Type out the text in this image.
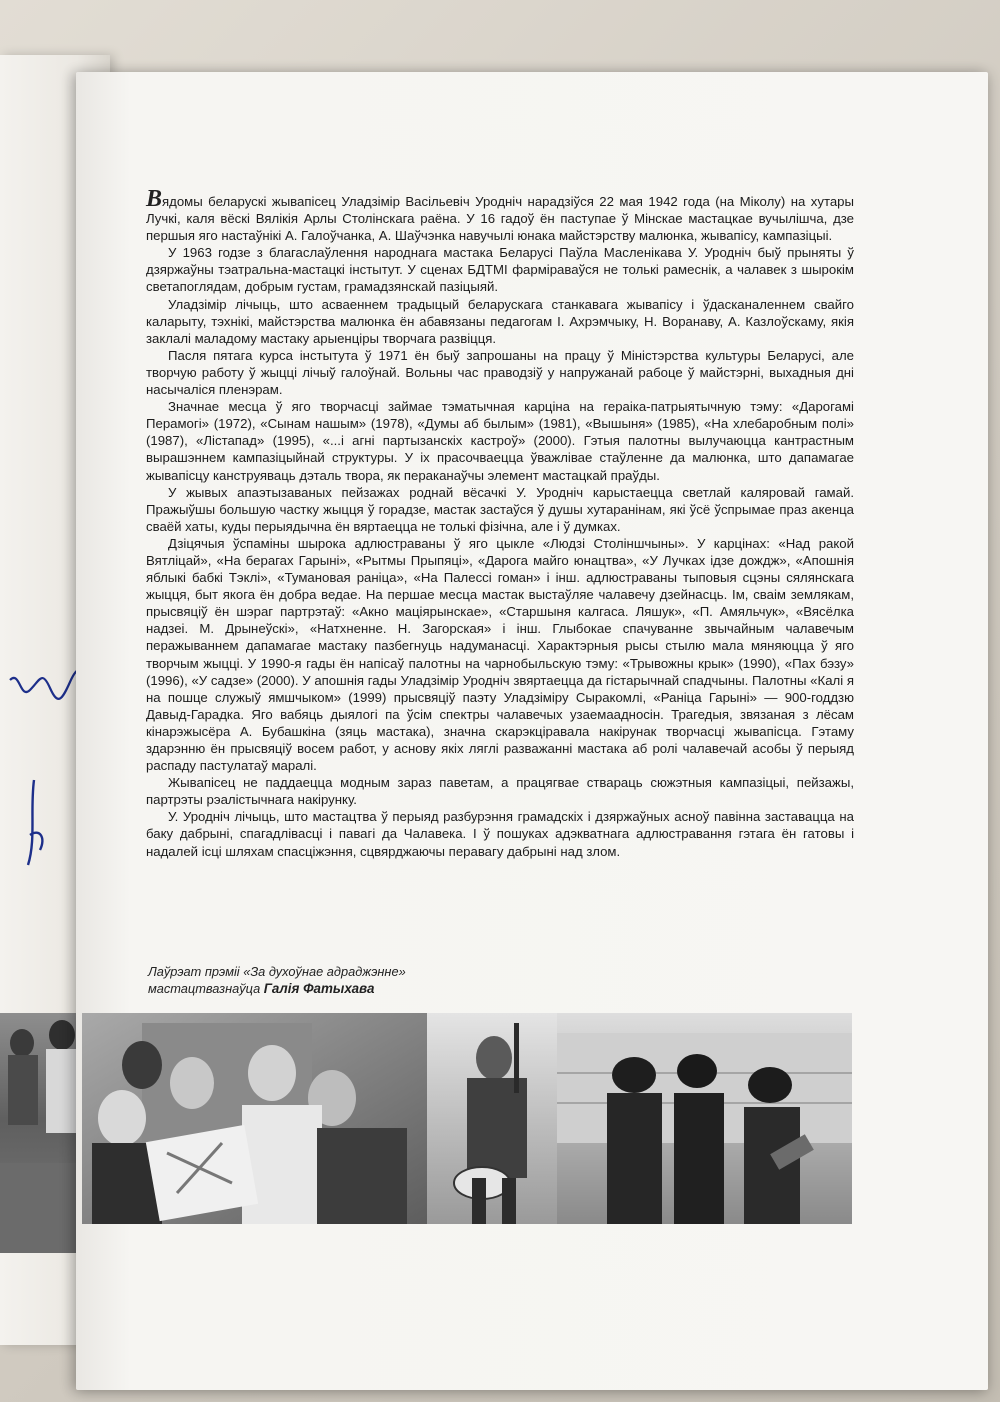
Вядомы беларускі жывапісец Уладзімір Васільевіч Уродніч нарадзіўся 22 мая 1942 года (на Міколу) на хутары Лучкі, каля вёскі Вялікія Арлы Столінскага раёна. У 16 гадоў ён паступае ў Мінскае мастацкае вучылішча, дзе першыя яго настаўнікі А. Галоўчанка, А. Шаўчэнка навучылі юнака майстэрству малюнка, жывапісу, кампазіцыі.

У 1963 годзе з благаслаўлення народнага мастака Беларусі Паўла Масленікава У. Уродніч быў прыняты ў дзяржаўны тэатральна-мастацкі інстытут. У сценах БДТМІ фарміраваўся не толькі рамеснік, а чалавек з шырокім светапоглядам, добрым густам, грамадзянскай пазіцыяй.

Уладзімір лічыць, што асваеннем традыцый беларускага станкавага жывапісу і ўдасканаленнем свайго каларыту, тэхнікі, майстэрства малюнка ён абавязаны педагогам І. Ахрэмчыку, Н. Воранаву, А. Казлоўскаму, якія заклалі маладому мастаку арыенціры творчага развіцця.

Пасля пятага курса інстытута ў 1971 ён быў запрошаны на працу ў Міністэрства культуры Беларусі, але творчую работу ў жыцці лічыў галоўнай. Вольны час праводзіў у напружанай рабоце ў майстэрні, выхадныя дні насычаліся пленэрам.

Значнае месца ў яго творчасці займае тэматычная карціна на гераіка-патрыятычную тэму: «Дарогамі Перамогі» (1972), «Сынам нашым» (1978), «Думы аб былым» (1981), «Вышыня» (1985), «На хлебаробным полі» (1987), «Лістапад» (1995), «...і агні партызанскіх кастроў» (2000). Гэтыя палотны вылучаюцца кантрастным вырашэннем кампазіцыйнай структуры. У іх прасочваецца ўважлівае стаўленне да малюнка, што дапамагае жывапісцу канструяваць дэталь твора, як пераканаўчы элемент мастацкай праўды.

У жывых апаэтызаваных пейзажах роднай вёсачкі У. Уродніч карыстаецца светлай каляровай гамай. Пражыўшы большую частку жыцця ў горадзе, мастак застаўся ў душы хутаранінам, які ўсё ўспрымае праз акенца сваёй хаты, куды перыядычна ён вяртаецца не толькі фізічна, але і ў думках.

Дзіцячыя ўспаміны шырока адлюстраваны ў яго цыкле «Людзі Століншчыны». У карцінах: «Над ракой Вятліцай», «На берагах Гарыні», «Рытмы Прыпяці», «Дарога майго юнацтва», «У Лучках ідзе дождж», «Апошнія яблыкі бабкі Тэклі», «Тумановая раніца», «На Палессі гоман» і інш. адлюстраваны тыповыя сцэны сялянскага жыцця, быт якога ён добра ведае. На першае месца мастак выстаўляе чалавечу дзейнасць. Ім, сваім землякам, прысвяціў ён шэраг партрэтаў: «Акно маціярынскае», «Старшыня калгаса. Ляшук», «П. Амяльчук», «Вясёлка надзеі. М. Дрынеўскі», «Натхненне. Н. Загорская» і інш. Глыбокае спачуванне звычайным чалавечым перажываннем дапамагае мастаку пазбегнуць надуманасці. Характэрныя рысы стылю мала мяняюцца ў яго творчым жыцці. У 1990-я гады ён напісаў палотны на чарнобыльскую тэму: «Трывожны крык» (1990), «Пах бэзу» (1996), «У садзе» (2000). У апошнія гады Уладзімір Уродніч звяртаецца да гістарычнай спадчыны. Палотны «Калі я на пошце служыў ямшчыком» (1999) прысвяціў паэту Уладзіміру Сыракомлі, «Раніца Гарыні» — 900-годдзю Давыд-Гарадка. Яго вабяць дыялогі па ўсім спектры чалавечых узаемаадносін. Трагедыя, звязаная з лёсам кінарэжысёра А. Бубашкіна (зяць мастака), значна скарэкціравала накірунак творчасці жывапісца. Гэтаму здарэнню ён прысвяціў восем работ, у аснову якіх ляглі разважанні мастака аб ролі чалавечай асобы ў перыяд распаду пастулатаў маралі.

Жывапісец не паддаецца модным зараз паветам, а працягвае ствараць сюжэтныя кампазіцыі, пейзажы, партрэты рэалістычнага накірунку.

У. Уродніч лічыць, што мастацтва ў перыяд разбурэння грамадскіх і дзяржаўных асноў павінна заставацца на баку дабрыні, спагадлівасці і павагі да Чалавека. І ў пошуках адэкватнага адлюстравання гэтага ён гатовы і надалей ісці шляхам спасціжэння, сцвярджаючы перавагу дабрыні над злом.

Лаўрэат прэміі «За духоўнае адраджэнне»
мастацтвазнаўца Галія Фатыхава
